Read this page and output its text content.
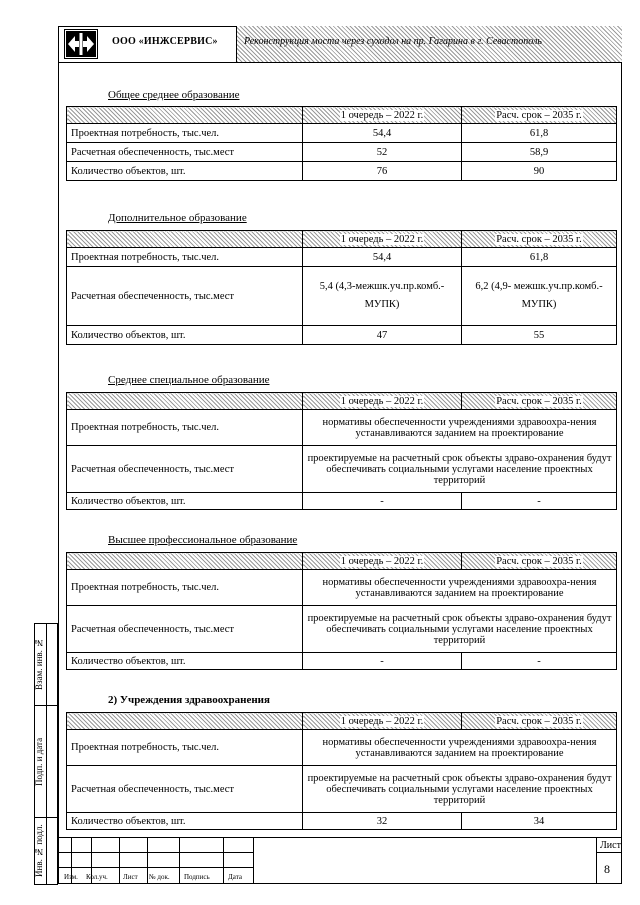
ООО «ИНЖСЕРВИС»	Реконструкция моста через суходол на пр. Гагарина в г. Севастополь
Общее среднее образование
	1 очередь – 2022 г.	Расч. срок – 2035 г.
Проектная потребность, тыс.чел.	54,4	61,8
Расчетная обеспеченность, тыс.мест	52	58,9
Количество объектов, шт.	76	90
Дополнительное образование
	1 очередь – 2022 г.	Расч. срок – 2035 г.
Проектная потребность, тыс.чел.	54,4	61,8
Расчетная обеспеченность, тыс.мест	5,4 (4,3-межшк.уч.пр.комб.- МУПК)	6,2 (4,9- межшк.уч.пр.комб.- МУПК)
Количество объектов, шт.	47	55
Среднее специальное образование
	1 очередь – 2022 г.	Расч. срок – 2035 г.
Проектная потребность, тыс.чел.	нормативы обеспеченности учреждениями здравоохра-нения устанавливаются заданием на проектирование	
Расчетная обеспеченность, тыс.мест	проектируемые на расчетный срок объекты здраво-охранения будут обеспечивать социальными услугами население проектных территорий	
Количество объектов, шт.	-	-
Высшее профессиональное образование
	1 очередь – 2022 г.	Расч. срок – 2035 г.
Проектная потребность, тыс.чел.	нормативы обеспеченности учреждениями здравоохра-нения устанавливаются заданием на проектирование	
Расчетная обеспеченность, тыс.мест	проектируемые на расчетный срок объекты здраво-охранения будут обеспечивать социальными услугами население проектных территорий	
Количество объектов, шт.	-	-
2) Учреждения здравоохранения
	1 очередь – 2022 г.	Расч. срок – 2035 г.
Проектная потребность, тыс.чел.	нормативы обеспеченности учреждениями здравоохра-нения устанавливаются заданием на проектирование	
Расчетная обеспеченность, тыс.мест	проектируемые на расчетный срок объекты здраво-охранения будут обеспечивать социальными услугами население проектных территорий	
Количество объектов, шт.	32	34
Взам. инв. №
Подп. и дата
Инв. № подл.	Изм. Кол.уч. Лист № док. Подпись	Дата
Лист
8
